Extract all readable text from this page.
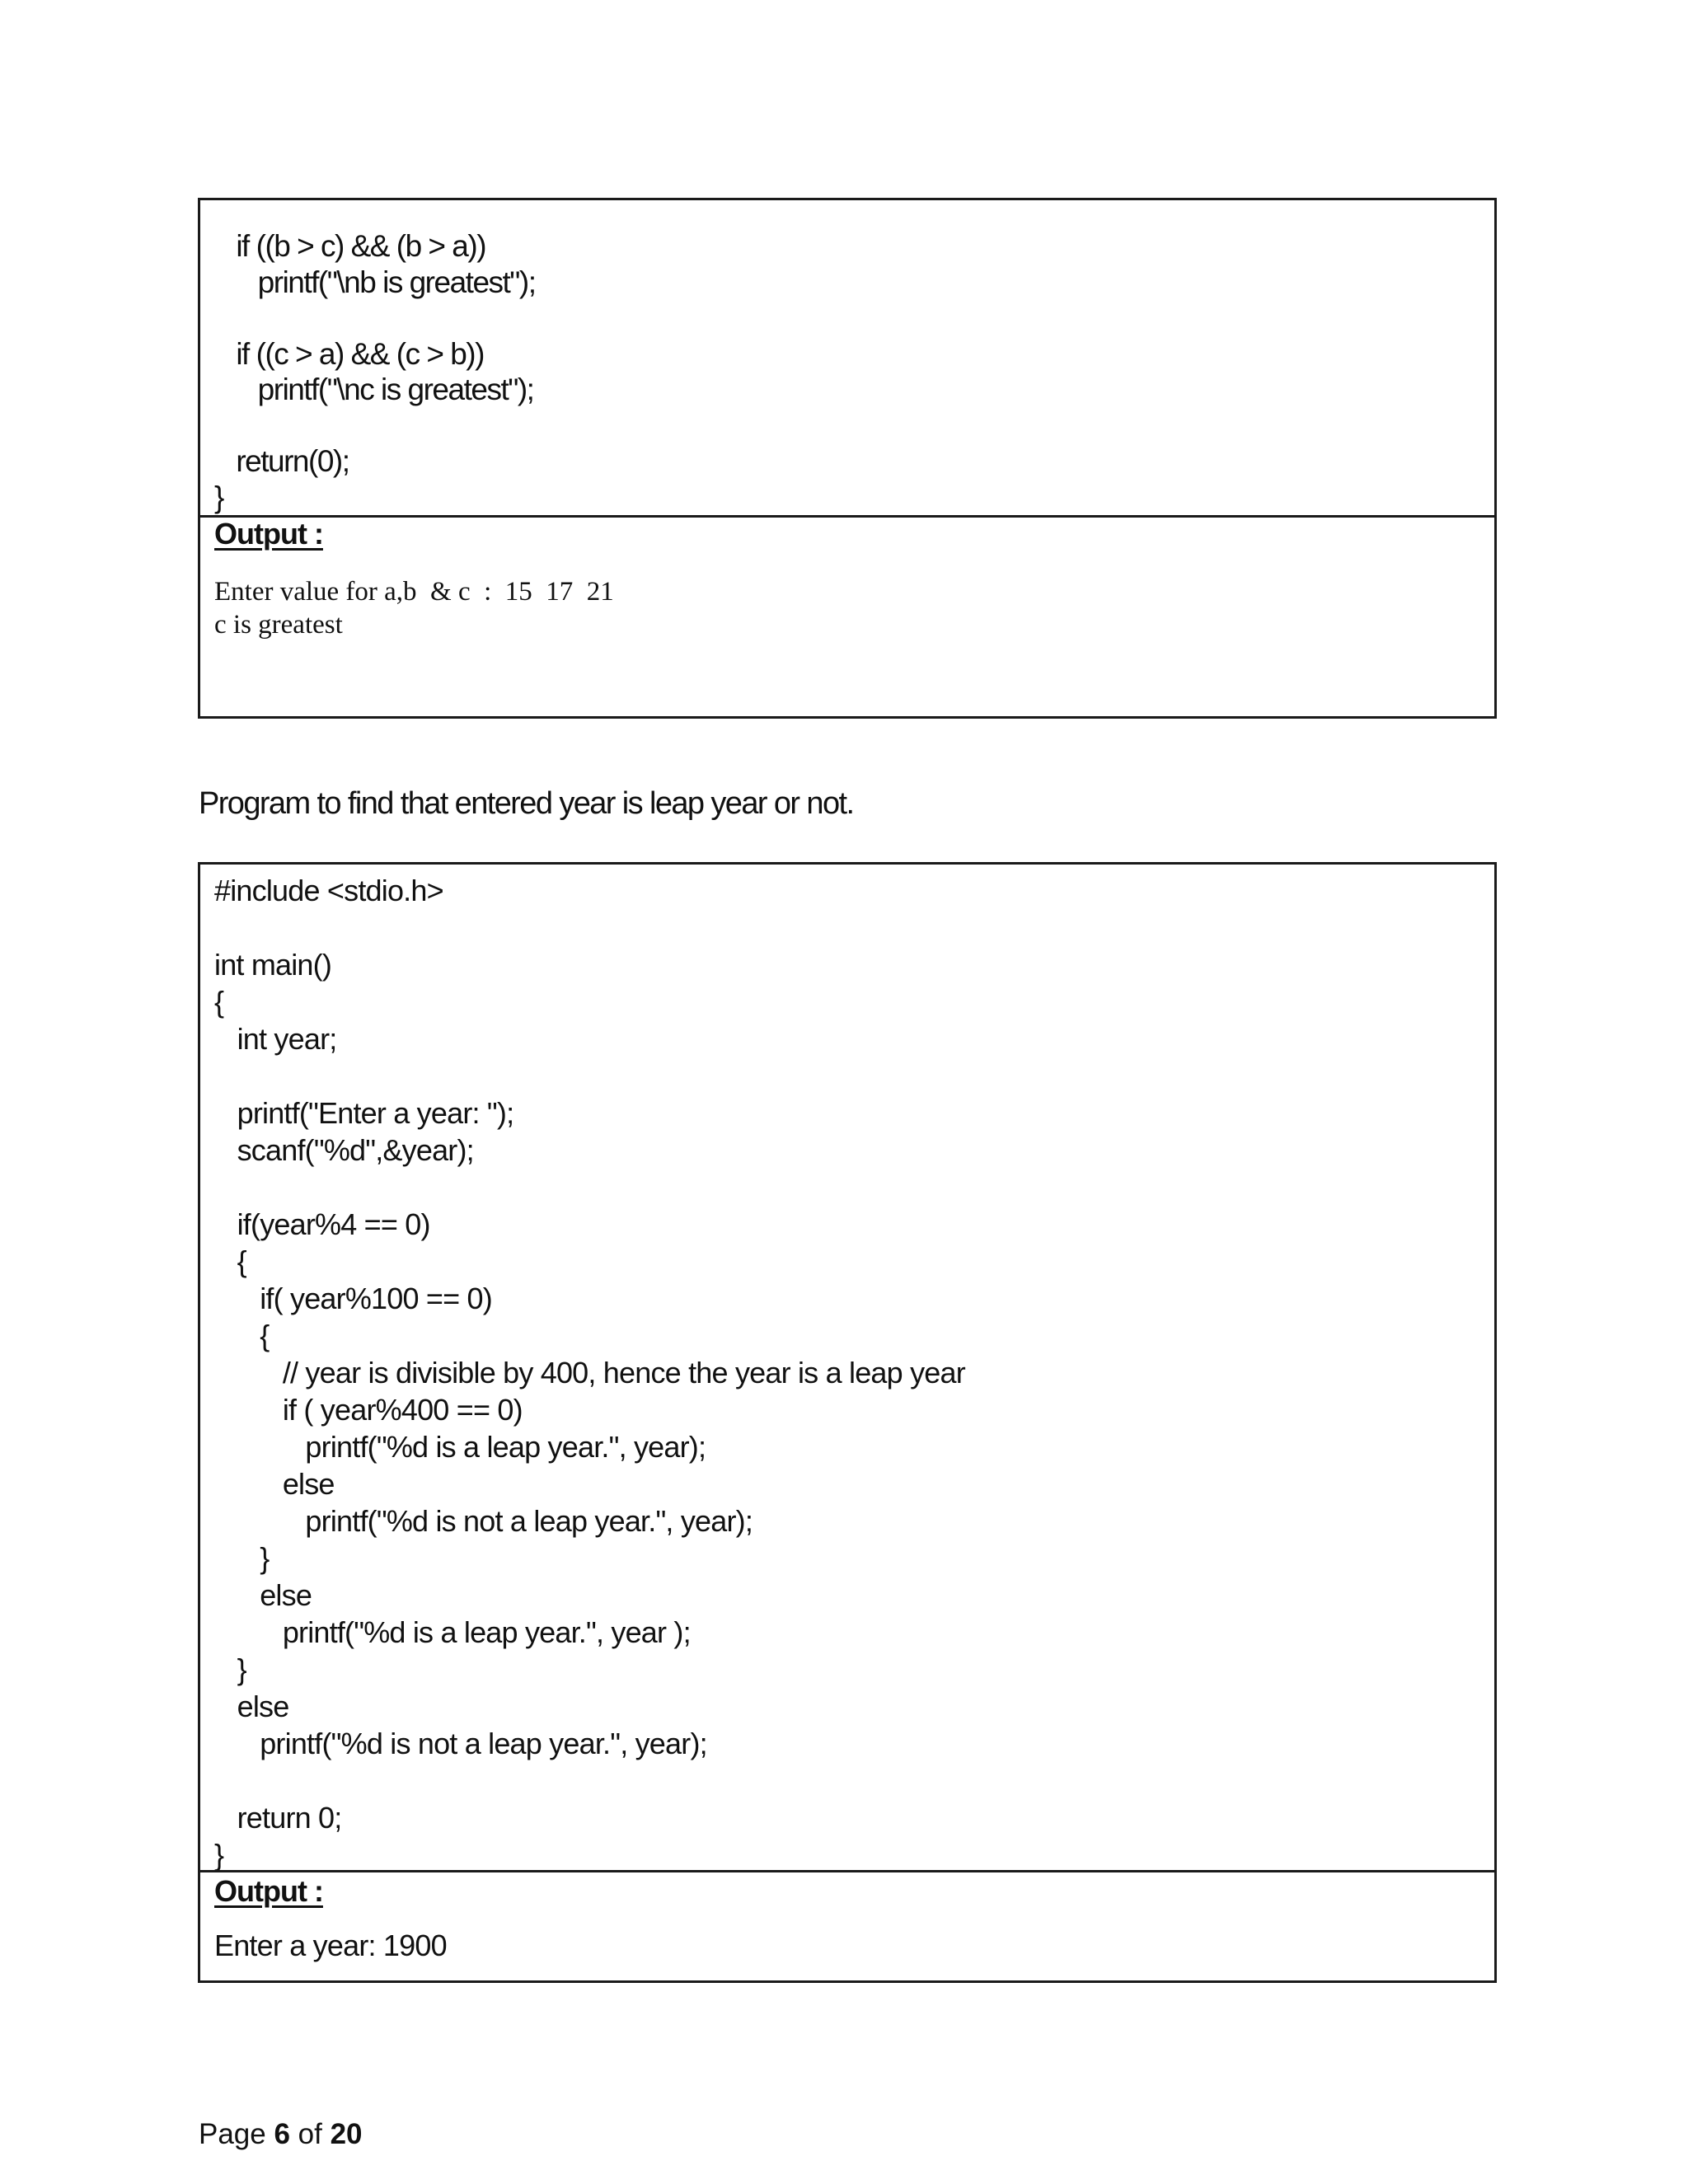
if ((b > c) && (b > a))
printf("\nb is greatest");

if ((c > a) && (c > b))
printf("\nc is greatest");

return(0);
}

Output :

Enter value for a,b  & c  :  15  17  21
c is greatest

Program to find that entered year is leap year or not.

#include <stdio.h>

int main()
{
int year;

printf("Enter a year: ");
scanf("%d",&year);

if(year%4 == 0)
{
if( year%100 == 0)
{
// year is divisible by 400, hence the year is a leap year
if ( year%400 == 0)
printf("%d is a leap year.", year);
else
printf("%d is not a leap year.", year);
}
else
printf("%d is a leap year.", year );
}
else
printf("%d is not a leap year.", year);

return 0;
}

Output :

Enter a year: 1900

Page 6 of 20
